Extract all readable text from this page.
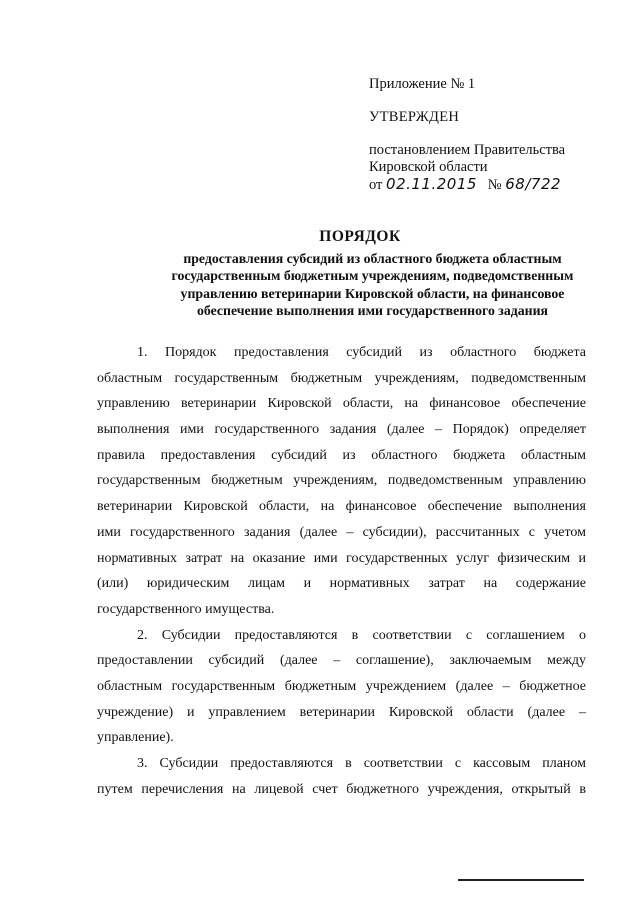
Приложение № 1
УТВЕРЖДЕН
постановлением Правительства
Кировской области
от 02.11.2015 № 68/722
ПОРЯДОК
предоставления субсидий из областного бюджета областным
государственным бюджетным учреждениям, подведомственным
управлению ветеринарии Кировской области, на финансовое
обеспечение выполнения ими государственного задания
1. Порядок предоставления субсидий из областного бюджета
областным государственным бюджетным учреждениям, подведомственным
управлению ветеринарии Кировской области, на финансовое обеспечение
выполнения ими государственного задания (далее – Порядок) определяет
правила предоставления субсидий из областного бюджета областным
государственным бюджетным учреждениям, подведомственным управлению
ветеринарии Кировской области, на финансовое обеспечение выполнения
ими государственного задания (далее – субсидии), рассчитанных с учетом
нормативных затрат на оказание ими государственных услуг физическим и
(или) юридическим лицам и нормативных затрат на содержание
государственного имущества.
2. Субсидии предоставляются в соответствии с соглашением о
предоставлении субсидий (далее – соглашение), заключаемым между
областным государственным бюджетным учреждением (далее – бюджетное
учреждение) и управлением ветеринарии Кировской области (далее –
управление).
3. Субсидии предоставляются в соответствии с кассовым планом
путем перечисления на лицевой счет бюджетного учреждения, открытый в
